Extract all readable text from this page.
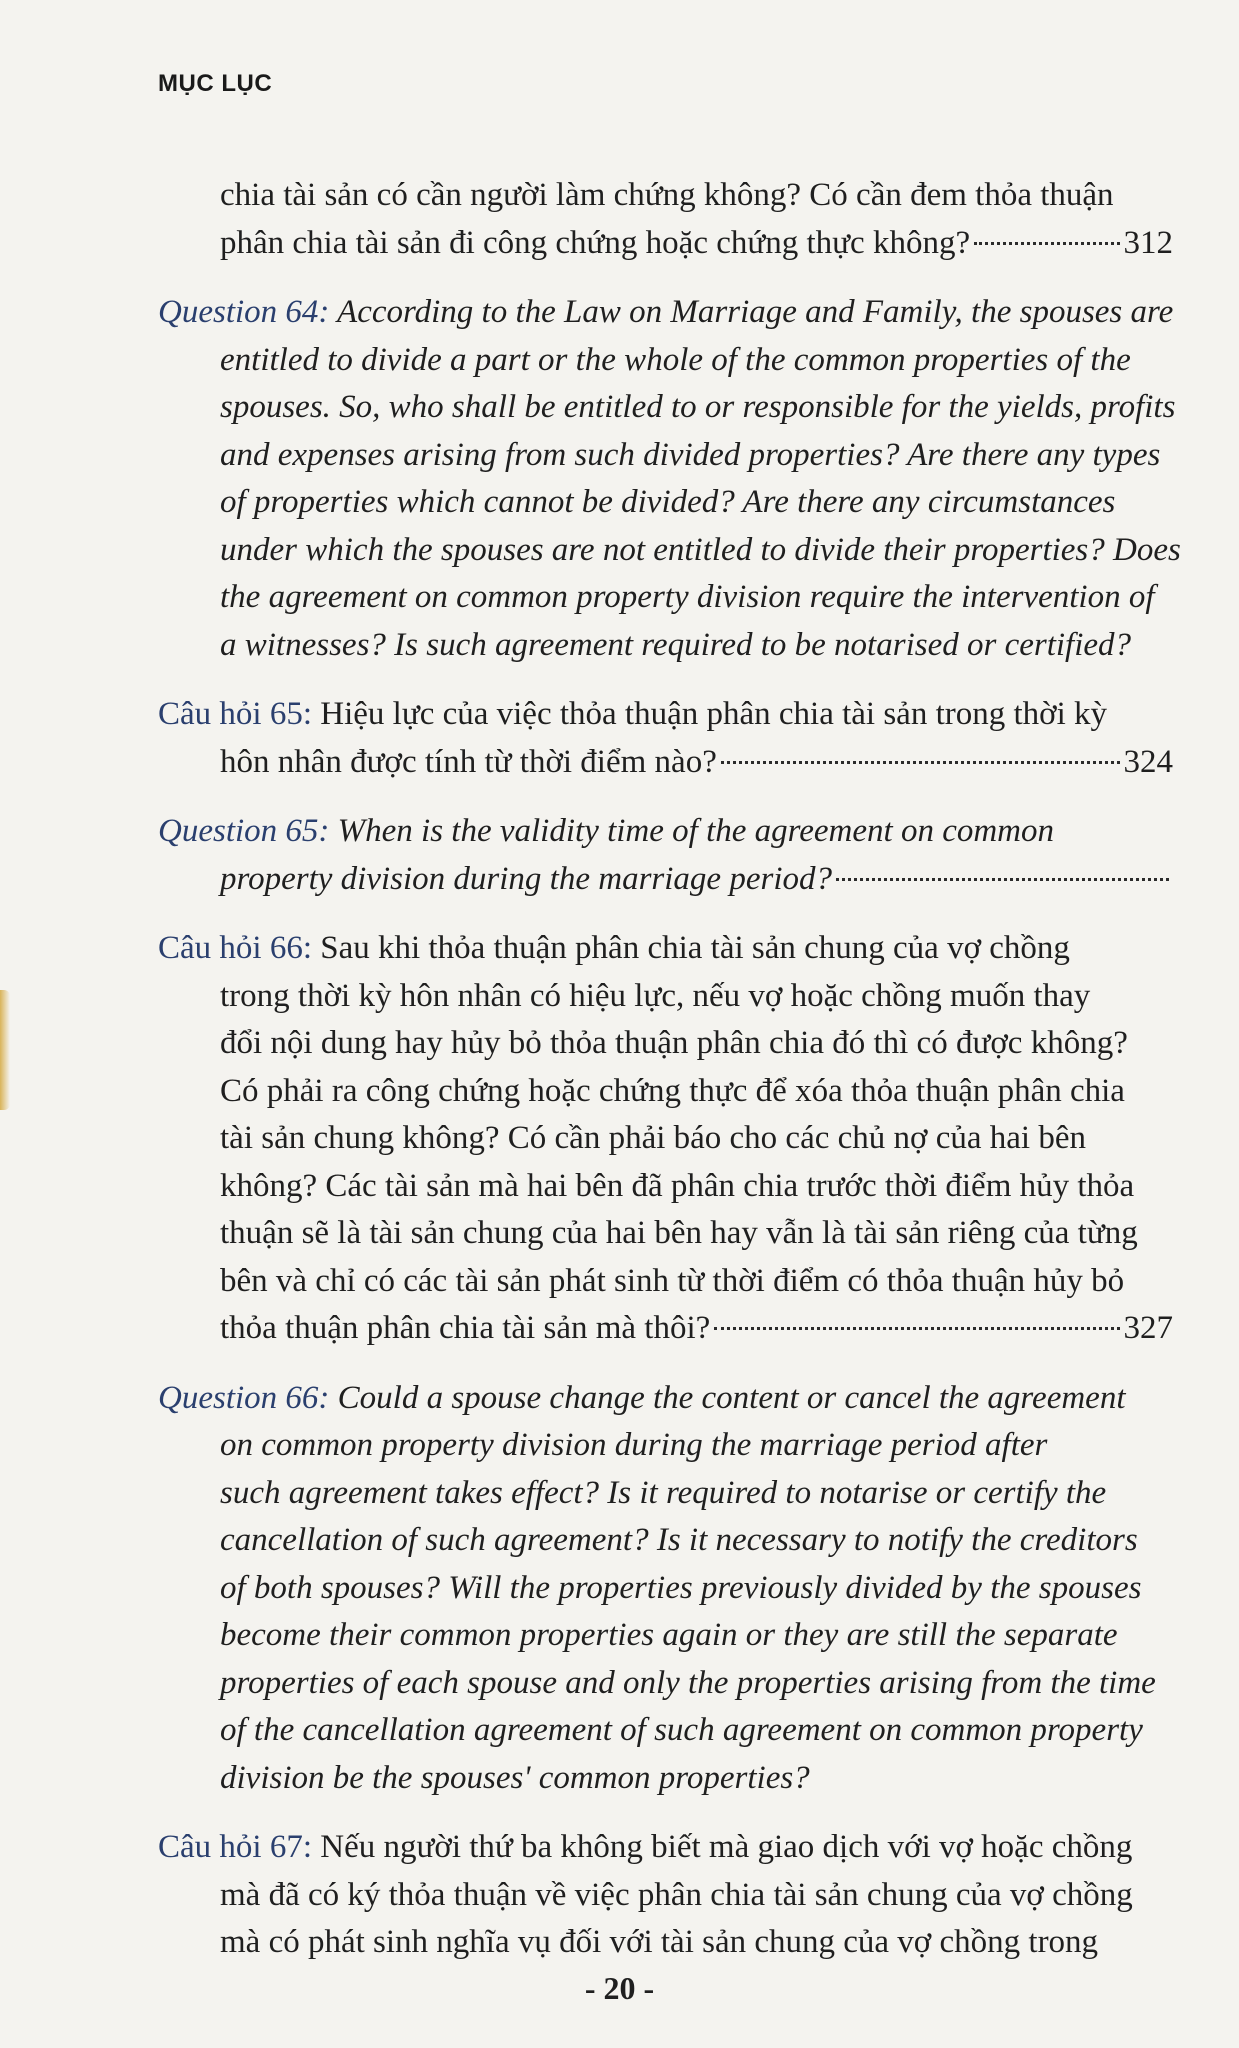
MỤC LỤC
chia tài sản có cần người làm chứng không? Có cần đem thỏa thuận
phân chia tài sản đi công chứng hoặc chứng thực không?	312
Question 64: According to the Law on Marriage and Family, the spouses are
entitled to divide a part or the whole of the common properties of the
spouses. So, who shall be entitled to or responsible for the yields, profits
and expenses arising from such divided properties? Are there any types
of properties which cannot be divided? Are there any circumstances
under which the spouses are not entitled to divide their properties? Does
the agreement on common property division require the intervention of
a witnesses? Is such agreement required to be notarised or certified?
Câu hỏi 65: Hiệu lực của việc thỏa thuận phân chia tài sản trong thời kỳ
hôn nhân được tính từ thời điểm nào?	324
Question 65: When is the validity time of the agreement on common
property division during the marriage period?
Câu hỏi 66: Sau khi thỏa thuận phân chia tài sản chung của vợ chồng
trong thời kỳ hôn nhân có hiệu lực, nếu vợ hoặc chồng muốn thay
đổi nội dung hay hủy bỏ thỏa thuận phân chia đó thì có được không?
Có phải ra công chứng hoặc chứng thực để xóa thỏa thuận phân chia
tài sản chung không? Có cần phải báo cho các chủ nợ của hai bên
không? Các tài sản mà hai bên đã phân chia trước thời điểm hủy thỏa
thuận sẽ là tài sản chung của hai bên hay vẫn là tài sản riêng của từng
bên và chỉ có các tài sản phát sinh từ thời điểm có thỏa thuận hủy bỏ
thỏa thuận phân chia tài sản mà thôi?	327
Question 66: Could a spouse change the content or cancel the agreement
on common property division during the marriage period after
such agreement takes effect? Is it required to notarise or certify the
cancellation of such agreement? Is it necessary to notify the creditors
of both spouses? Will the properties previously divided by the spouses
become their common properties again or they are still the separate
properties of each spouse and only the properties arising from the time
of the cancellation agreement of such agreement on common property
division be the spouses' common properties?
Câu hỏi 67: Nếu người thứ ba không biết mà giao dịch với vợ hoặc chồng
mà đã có ký thỏa thuận về việc phân chia tài sản chung của vợ chồng
mà có phát sinh nghĩa vụ đối với tài sản chung của vợ chồng trong
- 20 -
